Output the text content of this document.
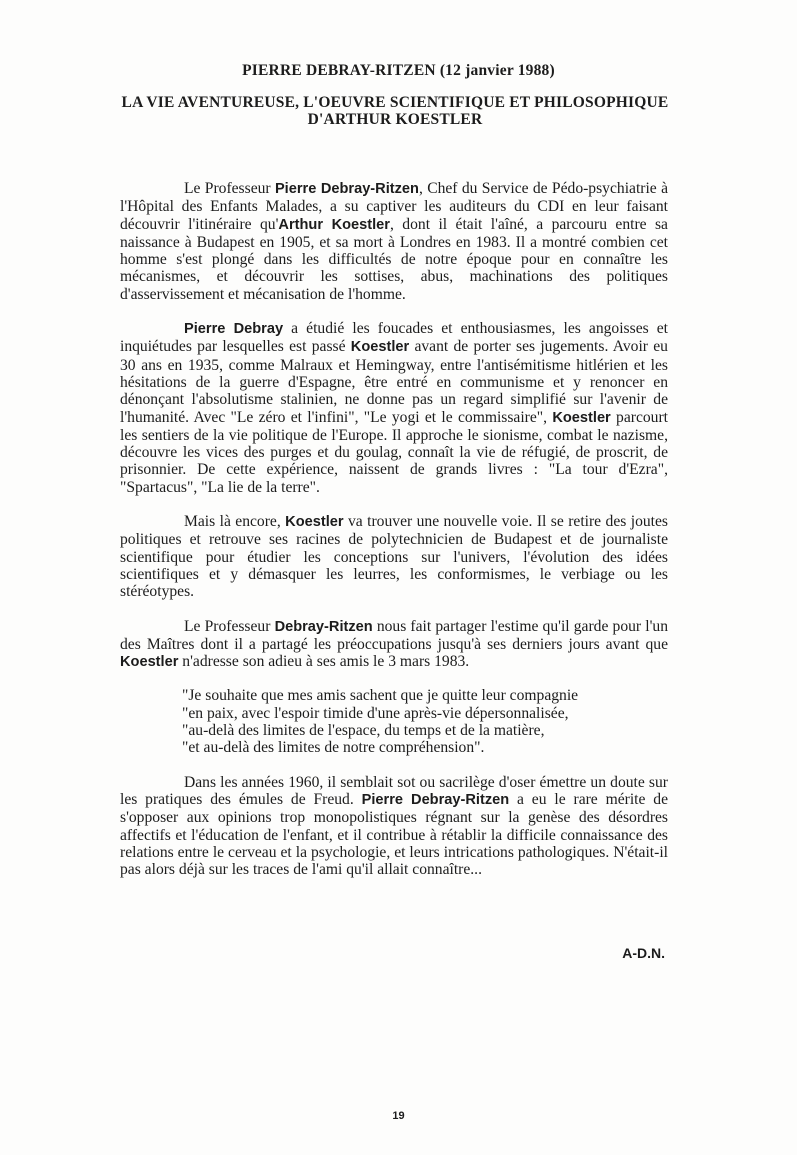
PIERRE DEBRAY-RITZEN (12 janvier 1988)
LA VIE AVENTUREUSE, L'OEUVRE SCIENTIFIQUE ET PHILOSOPHIQUE
D'ARTHUR KOESTLER

Le Professeur Pierre Debray-Ritzen, Chef du Service de Pédo-psychiatrie à l'Hôpital des Enfants Malades, a su captiver les auditeurs du CDI en leur faisant découvrir l'itinéraire qu'Arthur Koestler, dont il était l'aîné, a parcouru entre sa naissance à Budapest en 1905, et sa mort à Londres en 1983. Il a montré combien cet homme s'est plongé dans les difficultés de notre époque pour en connaître les mécanismes, et découvrir les sottises, abus, machinations des politiques d'asservissement et mécanisation de l'homme.

Pierre Debray a étudié les foucades et enthousiasmes, les angoisses et inquiétudes par lesquelles est passé Koestler avant de porter ses jugements. Avoir eu 30 ans en 1935, comme Malraux et Hemingway, entre l'antisémitisme hitlérien et les hésitations de la guerre d'Espagne, être entré en communisme et y renoncer en dénonçant l'absolutisme stalinien, ne donne pas un regard simplifié sur l'avenir de l'humanité. Avec "Le zéro et l'infini", "Le yogi et le commissaire", Koestler parcourt les sentiers de la vie politique de l'Europe. Il approche le sionisme, combat le nazisme, découvre les vices des purges et du goulag, connaît la vie de réfugié, de proscrit, de prisonnier. De cette expérience, naissent de grands livres : "La tour d'Ezra", "Spartacus", "La lie de la terre".

Mais là encore, Koestler va trouver une nouvelle voie. Il se retire des joutes politiques et retrouve ses racines de polytechnicien de Budapest et de journaliste scientifique pour étudier les conceptions sur l'univers, l'évolution des idées scientifiques et y démasquer les leurres, les conformismes, le verbiage ou les stéréotypes.

Le Professeur Debray-Ritzen nous fait partager l'estime qu'il garde pour l'un des Maîtres dont il a partagé les préoccupations jusqu'à ses derniers jours avant que Koestler n'adresse son adieu à ses amis le 3 mars 1983.

"Je souhaite que mes amis sachent que je quitte leur compagnie
"en paix, avec l'espoir timide d'une après-vie dépersonnalisée,
"au-delà des limites de l'espace, du temps et de la matière,
"et au-delà des limites de notre compréhension".

Dans les années 1960, il semblait sot ou sacrilège d'oser émettre un doute sur les pratiques des émules de Freud. Pierre Debray-Ritzen a eu le rare mérite de s'opposer aux opinions trop monopolistiques régnant sur la genèse des désordres affectifs et l'éducation de l'enfant, et il contribue à rétablir la difficile connaissance des relations entre le cerveau et la psychologie, et leurs intrications pathologiques. N'était-il pas alors déjà sur les traces de l'ami qu'il allait connaître...

A-D.N.
19
